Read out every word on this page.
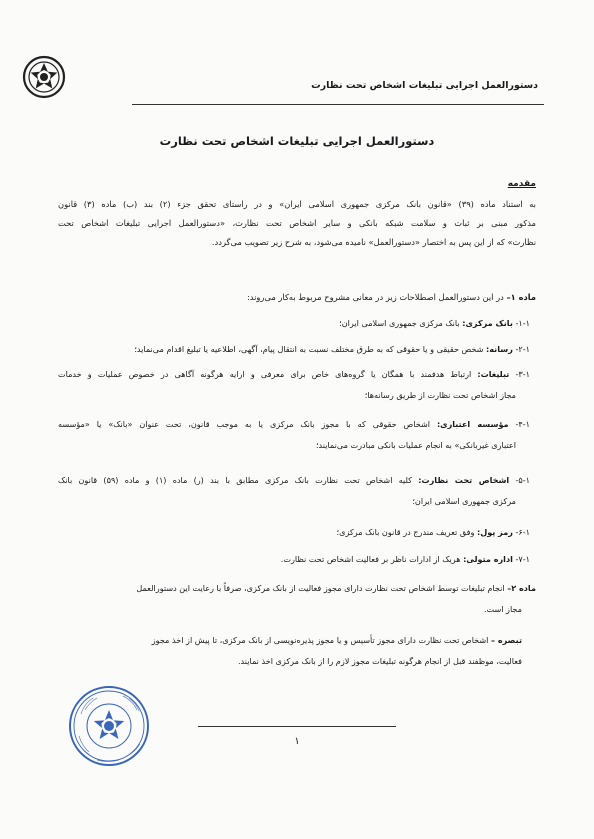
دستورالعمل اجرایی تبلیغات اشخاص تحت نظارت
دستورالعمل اجرایی تبلیغات اشخاص تحت نظارت
مقدمه
به استناد ماده (۳۹) «قانون بانک مرکزی جمهوری اسلامی ایران» و در راستای تحقق جزء (۲) بند (ب) ماده (۳) قانون
مذکور مبنی بر ثبات و سلامت شبکه بانکی و سایر اشخاص تحت نظارت، «دستورالعمل اجرایی تبلیغات اشخاص تحت
نظارت» که از این پس به اختصار «دستورالعمل» نامیده می‌شود، به شرح زیر تصویب می‌گردد.
ماده ۱– در این دستورالعمل اصطلاحات زیر در معانی مشروح مربوط به‌کار می‌روند:
۱-۱- بانک مرکزی: بانک مرکزی جمهوری اسلامی ایران؛
۲-۱- رسانه: شخص حقیقی و یا حقوقی که به طرق مختلف نسبت به انتقال پیام، آگهی، اطلاعیه یا تبلیغ اقدام می‌نماید؛
۳-۱- تبلیغات: ارتباط هدفمند با همگان یا گروه‌های خاص برای معرفی و ارایه هرگونه آگاهی در خصوص عملیات و خدمات
مجاز اشخاص تحت نظارت از طریق رسانه‌ها؛
۴-۱- مؤسسه اعتباری: اشخاص حقوقی که با مجوز بانک مرکزی یا به موجب قانون، تحت عنوان «بانک» یا «مؤسسه
اعتباری غیربانکی» به انجام عملیات بانکی مبادرت می‌نمایند؛
۵-۱- اشخاص تحت نظارت: کلیه اشخاص تحت نظارت بانک مرکزی مطابق با بند (ر) ماده (۱) و ماده (۵۹) قانون بانک
مرکزی جمهوری اسلامی ایران؛
۶-۱- رمز پول: وفق تعریف مندرج در قانون بانک مرکزی؛
۷-۱- اداره متولی: هریک از ادارات ناظر بر فعالیت اشخاص تحت نظارت.
ماده ۲– انجام تبلیغات توسط اشخاص تحت نظارت دارای مجوز فعالیت از بانک مرکزی، صرفاً با رعایت این دستورالعمل
مجاز است.
تبصره – اشخاص تحت نظارت دارای مجوز تأسیس و یا مجوز پذیره‌نویسی از بانک مرکزی، تا پیش از اخذ مجوز
فعالیت، موظفند قبل از انجام هرگونه تبلیغات مجوز لازم را از بانک مرکزی اخذ نمایند.
۱
